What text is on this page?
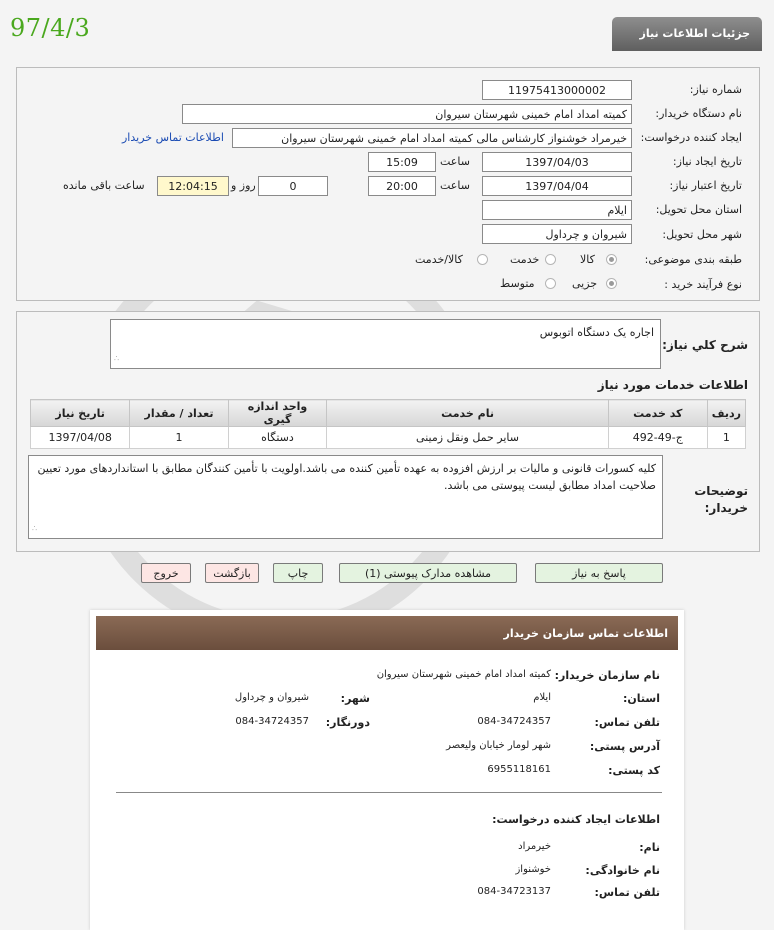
97/4/3	جزئیات اطلاعات نیاز
شماره نیاز:
11975413000002
نام دستگاه خریدار:
کمیته امداد امام خمینی شهرستان سیروان
ایجاد کننده درخواست:
خیرمراد خوشنواز کارشناس مالی کمیته امداد امام خمینی شهرستان سیروان
اطلاعات تماس خریدار
تاریخ ایجاد نیاز:
1397/04/03
ساعت
15:09
تاریخ اعتبار نیاز:
1397/04/04
ساعت
20:00
0
روز و
12:04:15
ساعت باقی مانده
استان محل تحویل:
ایلام
شهر محل تحویل:
شیروان و چرداول
طبقه بندی موضوعی:
کالا
خدمت
کالا/خدمت
نوع فرآیند خرید :
جزیی
متوسط
شرح کلي نياز:
اجاره یک دستگاه اتوبوس
∴
اطلاعات خدمات مورد نیاز
ردیف	کد خدمت	نام خدمت	واحد اندازه گیری	تعداد / مقدار	تاریخ نیاز
1	ج-49-492	سایر حمل ونقل زمینی	دستگاه	1	1397/04/08
توضیحات خریدار:
کلیه کسورات قانونی و مالیات بر ارزش افزوده به عهده تأمین کننده می باشد.اولویت با تأمین کنندگان مطابق با استانداردهای مورد تعیین صلاحیت امداد مطابق لیست پیوستی می باشد.
∴
پاسخ به نیاز
مشاهده مدارک پیوستی (1)
چاپ
بازگشت
خروج
اطلاعات تماس سازمان خریدار
نام سازمان خریدار:
کمیته امداد امام خمینی شهرستان سیروان
استان:
ایلام
شهر:
شیروان و چرداول
تلفن تماس:
084-34724357
دورنگار:
084-34724357
آدرس پستی:
شهر لومار خیابان ولیعصر
کد پستی:
6955118161
اطلاعات ایجاد کننده درخواست:
نام:
خیرمراد
نام خانوادگی:
خوشنواز
تلفن تماس:
084-34723137
